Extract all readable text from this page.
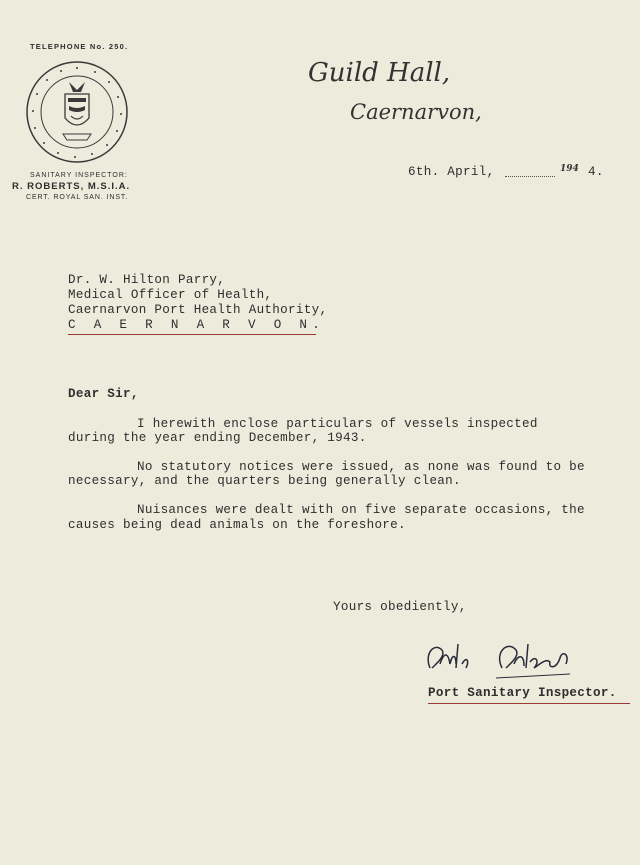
TELEPHONE No. 250.
SANITARY INSPECTOR:
R. ROBERTS, M.S.I.A.
CERT. ROYAL SAN. INST.
Guild Hall,
Caernarvon,
6th. April,	194 4.
Dr. W. Hilton Parry,
Medical Officer of Health,
Caernarvon Port Health Authority,
C A E R N A R V O N.
Dear Sir,
I herewith enclose particulars of vessels inspected
during the year ending December, 1943.
No statutory notices were issued, as none was found to be
necessary, and the quarters being generally clean.
Nuisances were dealt with on five separate occasions, the
causes being dead animals on the foreshore.
Yours obediently,
Port Sanitary Inspector.
